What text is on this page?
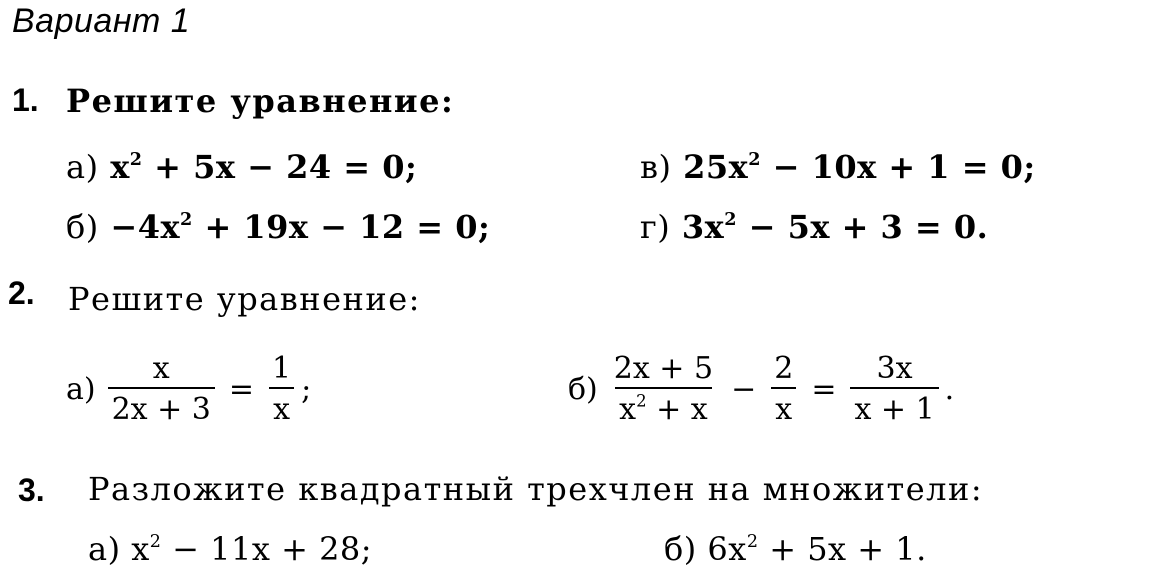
Вариант 1
1. Решите уравнение:
а) $x^2 + 5x - 24 = 0$;	в) $25x^2 - 10x + 1 = 0$;
$б) -4x^2 + 19x - 12 = 0$;	г) $3x^2 - 5x + 3 = 0$.
2. Решите уравнение:
$а) \frac{x}{2x + 3} = \frac{1}{x}$ ;	$б) \frac{2x + 5}{x^2 + x} - \frac{2}{x} = \frac{3x}{x + 1}$ .
3. Разложите квадратный трехчлен на множители:
а) $x^2 - 11x + 28$;	б) $6x^2 + 5x + 1$.
